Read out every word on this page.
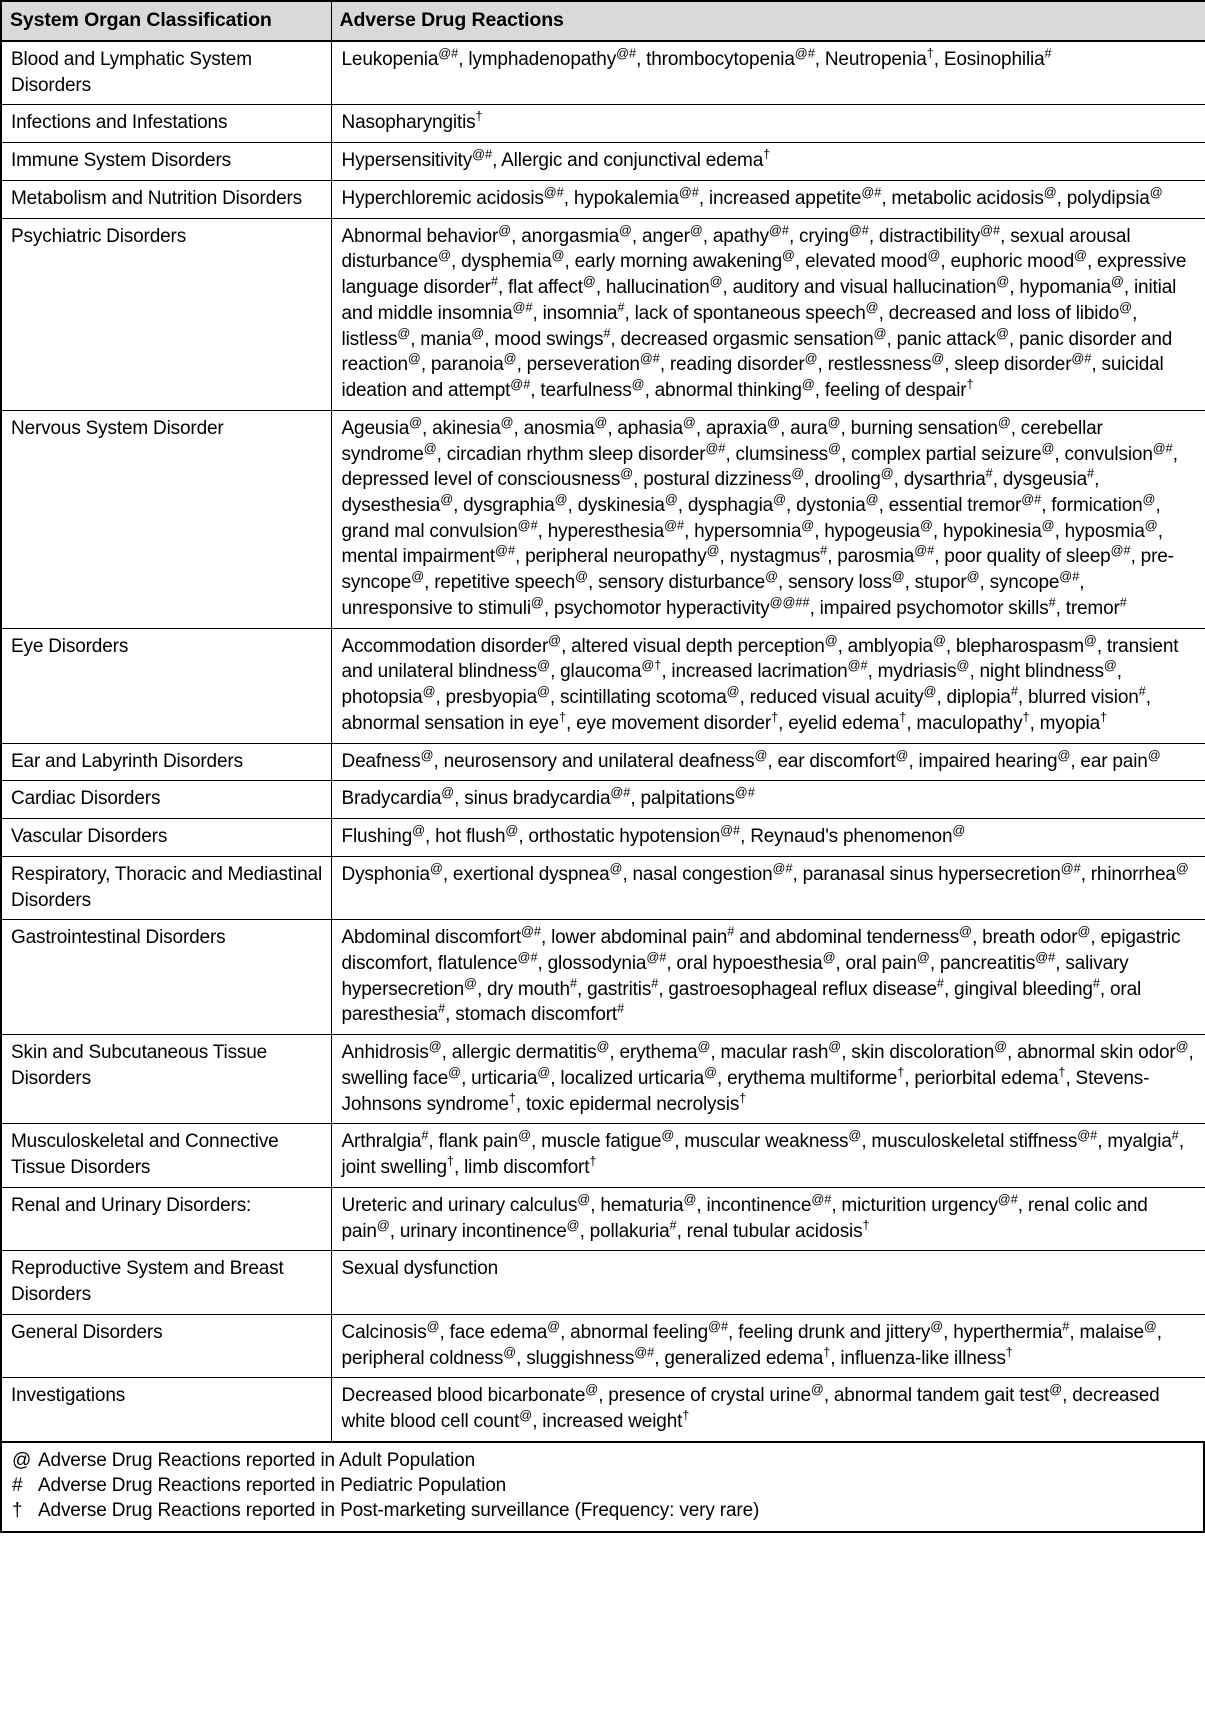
System Organ Classification	Adverse Drug Reactions
Blood and Lymphatic System Disorders	Leukopenia@#, lymphadenopathy@#, thrombocytopenia@#, Neutropenia†, Eosinophilia#
Infections and Infestations	Nasopharyngitis†
Immune System Disorders	Hypersensitivity@#, Allergic and conjunctival edema†
Metabolism and Nutrition Disorders	Hyperchloremic acidosis@#, hypokalemia@#, increased appetite@#, metabolic acidosis@, polydipsia@
Psychiatric Disorders	Abnormal behavior@, anorgasmia@, anger@, apathy@#, crying@#, distractibility@#, sexual arousal disturbance@, dysphemia@, early morning awakening@, elevated mood@, euphoric mood@, expressive language disorder#, flat affect@, hallucination@, auditory and visual hallucination@, hypomania@, initial and middle insomnia@#, insomnia#, lack of spontaneous speech@, decreased and loss of libido@, listless@, mania@, mood swings#, decreased orgasmic sensation@, panic attack@, panic disorder and reaction@, paranoia@, perseveration@#, reading disorder@, restlessness@, sleep disorder@#, suicidal ideation and attempt@#, tearfulness@, abnormal thinking@, feeling of despair†
Nervous System Disorder	Ageusia@, akinesia@, anosmia@, aphasia@, apraxia@, aura@, burning sensation@, cerebellar syndrome@, circadian rhythm sleep disorder@#, clumsiness@, complex partial seizure@, convulsion@#, depressed level of consciousness@, postural dizziness@, drooling@, dysarthria#, dysgeusia#, dysesthesia@, dysgraphia@, dyskinesia@, dysphagia@, dystonia@, essential tremor@#, formication@, grand mal convulsion@#, hyperesthesia@#, hypersomnia@, hypogeusia@, hypokinesia@, hyposmia@, mental impairment@#, peripheral neuropathy@, nystagmus#, parosmia@#, poor quality of sleep@#, pre-syncope@, repetitive speech@, sensory disturbance@, sensory loss@, stupor@, syncope@#, unresponsive to stimuli@, psychomotor hyperactivity@@##, impaired psychomotor skills#, tremor#
Eye Disorders	Accommodation disorder@, altered visual depth perception@, amblyopia@, blepharospasm@, transient and unilateral blindness@, glaucoma@†, increased lacrimation@#, mydriasis@, night blindness@, photopsia@, presbyopia@, scintillating scotoma@, reduced visual acuity@, diplopia#, blurred vision#, abnormal sensation in eye†, eye movement disorder†, eyelid edema†, maculopathy†, myopia†
Ear and Labyrinth Disorders	Deafness@, neurosensory and unilateral deafness@, ear discomfort@, impaired hearing@, ear pain@
Cardiac Disorders	Bradycardia@, sinus bradycardia@#, palpitations@#
Vascular Disorders	Flushing@, hot flush@, orthostatic hypotension@#, Reynaud's phenomenon@
Respiratory, Thoracic and Mediastinal Disorders	Dysphonia@, exertional dyspnea@, nasal congestion@#, paranasal sinus hypersecretion@#, rhinorrhea@
Gastrointestinal Disorders	Abdominal discomfort@#, lower abdominal pain# and abdominal tenderness@, breath odor@, epigastric discomfort, flatulence@#, glossodynia@#, oral hypoesthesia@, oral pain@, pancreatitis@#, salivary hypersecretion@, dry mouth#, gastritis#, gastroesophageal reflux disease#, gingival bleeding#, oral paresthesia#, stomach discomfort#
Skin and Subcutaneous Tissue Disorders	Anhidrosis@, allergic dermatitis@, erythema@, macular rash@, skin discoloration@, abnormal skin odor@, swelling face@, urticaria@, localized urticaria@, erythema multiforme†, periorbital edema†, Stevens-Johnsons syndrome†, toxic epidermal necrolysis†
Musculoskeletal and Connective Tissue Disorders	Arthralgia#, flank pain@, muscle fatigue@, muscular weakness@, musculoskeletal stiffness@#, myalgia#, joint swelling†, limb discomfort†
Renal and Urinary Disorders:	Ureteric and urinary calculus@, hematuria@, incontinence@#, micturition urgency@#, renal colic and pain@, urinary incontinence@, pollakuria#, renal tubular acidosis†
Reproductive System and Breast Disorders	Sexual dysfunction
General Disorders	Calcinosis@, face edema@, abnormal feeling@#, feeling drunk and jittery@, hyperthermia#, malaise@, peripheral coldness@, sluggishness@#, generalized edema†, influenza-like illness†
Investigations	Decreased blood bicarbonate@, presence of crystal urine@, abnormal tandem gait test@, decreased white blood cell count@, increased weight†
@ Adverse Drug Reactions reported in Adult Population
# Adverse Drug Reactions reported in Pediatric Population
† Adverse Drug Reactions reported in Post-marketing surveillance (Frequency: very rare)
